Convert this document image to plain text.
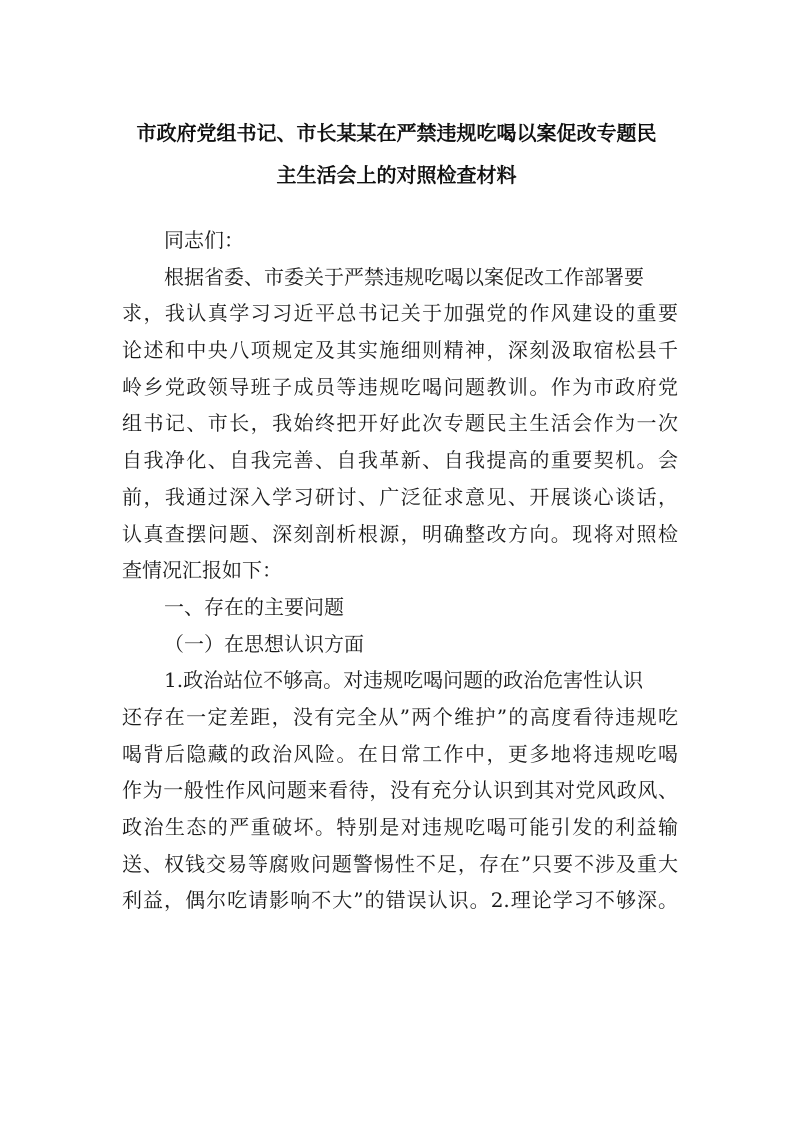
市政府党组书记、市长某某在严禁违规吃喝以案促改专题民
主生活会上的对照检查材料
同志们：
根据省委、市委关于严禁违规吃喝以案促改工作部署要
求，我认真学习习近平总书记关于加强党的作风建设的重要
论述和中央八项规定及其实施细则精神，深刻汲取宿松县千
岭乡党政领导班子成员等违规吃喝问题教训。作为市政府党
组书记、市长，我始终把开好此次专题民主生活会作为一次
自我净化、自我完善、自我革新、自我提高的重要契机。会
前，我通过深入学习研讨、广泛征求意见、开展谈心谈话，
认真查摆问题、深刻剖析根源，明确整改方向。现将对照检
查情况汇报如下：
一、存在的主要问题
（一）在思想认识方面
1.政治站位不够高。对违规吃喝问题的政治危害性认识
还存在一定差距，没有完全从”两个维护”的高度看待违规吃
喝背后隐藏的政治风险。在日常工作中，更多地将违规吃喝
作为一般性作风问题来看待，没有充分认识到其对党风政风、
政治生态的严重破坏。特别是对违规吃喝可能引发的利益输
送、权钱交易等腐败问题警惕性不足，存在”只要不涉及重大
利益，偶尔吃请影响不大”的错误认识。2.理论学习不够深。
